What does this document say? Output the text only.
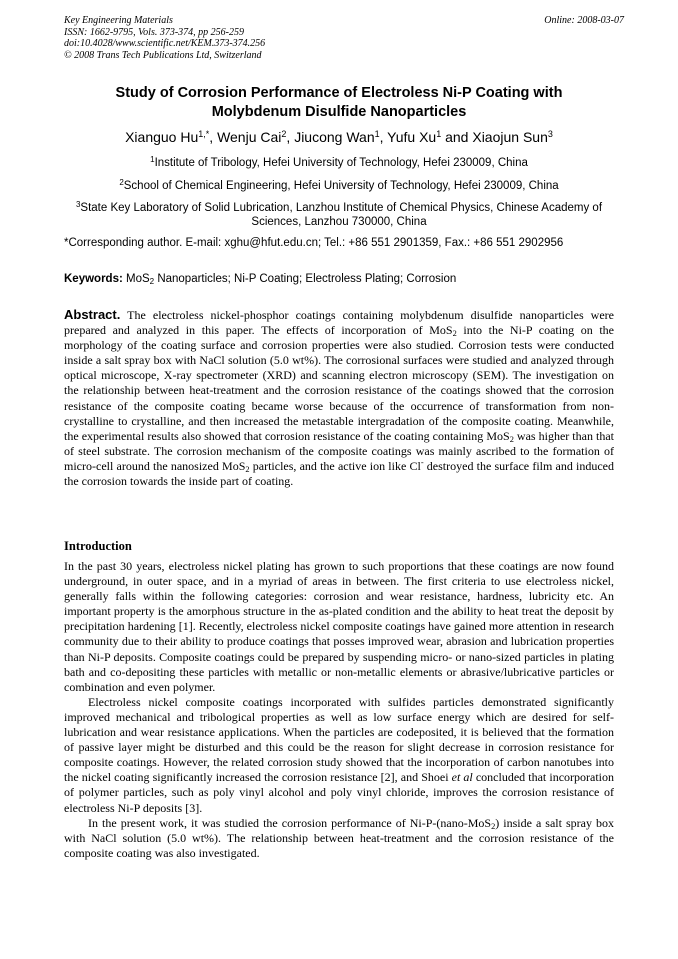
Key Engineering Materials
ISSN: 1662-9795, Vols. 373-374, pp 256-259
doi:10.4028/www.scientific.net/KEM.373-374.256
© 2008 Trans Tech Publications Ltd, Switzerland
Online: 2008-03-07
Study of Corrosion Performance of Electroless Ni-P Coating with
Molybdenum Disulfide Nanoparticles
Xianguo $Hu^{1,*}$, Wenju Cai$^2$, Jiucong Wan$^1$, Yufu Xu$^1$ and Xiaojun Sun$^3$
$^1$Institute of Tribology, Hefei University of Technology, Hefei 230009, China
$^2$School of Chemical Engineering, Hefei University of Technology, Hefei 230009, China
$^3$State Key Laboratory of Solid Lubrication, Lanzhou Institute of Chemical Physics, Chinese Academy of Sciences, Lanzhou 730000, China
*Corresponding author. E-mail: xghu@hfut.edu.cn; Tel.: +86 551 2901359, Fax.: +86 551 2902956
Keywords: MoS$_2$ Nanoparticles; Ni-P Coating; Electroless Plating; Corrosion
Abstract. The electroless nickel-phosphor coatings containing molybdenum disulfide nanoparticles were prepared and analyzed in this paper. The effects of incorporation of MoS$_2$ into the Ni-P coating on the morphology of the coating surface and corrosion properties were also studied. Corrosion tests were conducted inside a salt spray box with NaCl solution (5.0 wt%). The corrosional surfaces were studied and analyzed through optical microscope, X-ray spectrometer (XRD) and scanning electron microscopy (SEM). The investigation on the relationship between heat-treatment and the corrosion resistance of the coatings showed that the corrosion resistance of the composite coating became worse because of the occurrence of transformation from non-crystalline to crystalline, and then increased the metastable intergradation of the composite coating. Meanwhile, the experimental results also showed that corrosion resistance of the coating containing MoS$_2$ was higher than that of steel substrate. The corrosion mechanism of the composite coatings was mainly ascribed to the formation of micro-cell around the nanosized MoS$_2$ particles, and the active ion like Cl- destroyed the surface film and induced the corrosion towards the inside part of coating.
Introduction

In the past 30 years, electroless nickel plating has grown to such proportions that these coatings are now found underground, in outer space, and in a myriad of areas in between. The first criteria to use electroless nickel, generally falls within the following categories: corrosion and wear resistance, hardness, lubricity etc. An important property is the amorphous structure in the as-plated condition and the ability to heat treat the deposit by precipitation hardening [1]. Recently, electroless nickel composite coatings have gained more attention in research community due to their ability to produce coatings that posses improved wear, abrasion and lubrication properties than Ni-P deposits. Composite coatings could be prepared by suspending micro- or nano-sized particles in plating bath and co-depositing these particles with metallic or non-metallic elements or abrasive/lubricative particles or combination and even polymer.

Electroless nickel composite coatings incorporated with sulfides particles demonstrated significantly improved mechanical and tribological properties as well as low surface energy which are desired for self-lubrication and wear resistance applications. When the particles are codeposited, it is believed that the formation of passive layer might be disturbed and this could be the reason for slight decrease in corrosion resistance for composite coatings. However, the related corrosion study showed that the incorporation of carbon nanotubes into the nickel coating significantly increased the corrosion resistance [2], and Shoei et al concluded that incorporation of polymer particles, such as poly vinyl alcohol and poly vinyl chloride, improves the corrosion resistance of electroless Ni-P deposits [3].

In the present work, it was studied the corrosion performance of Ni-P-(nano-MoS$_2$) inside a salt spray box with NaCl solution (5.0 wt%). The relationship between heat-treatment and the corrosion resistance of the composite coating was also investigated.
